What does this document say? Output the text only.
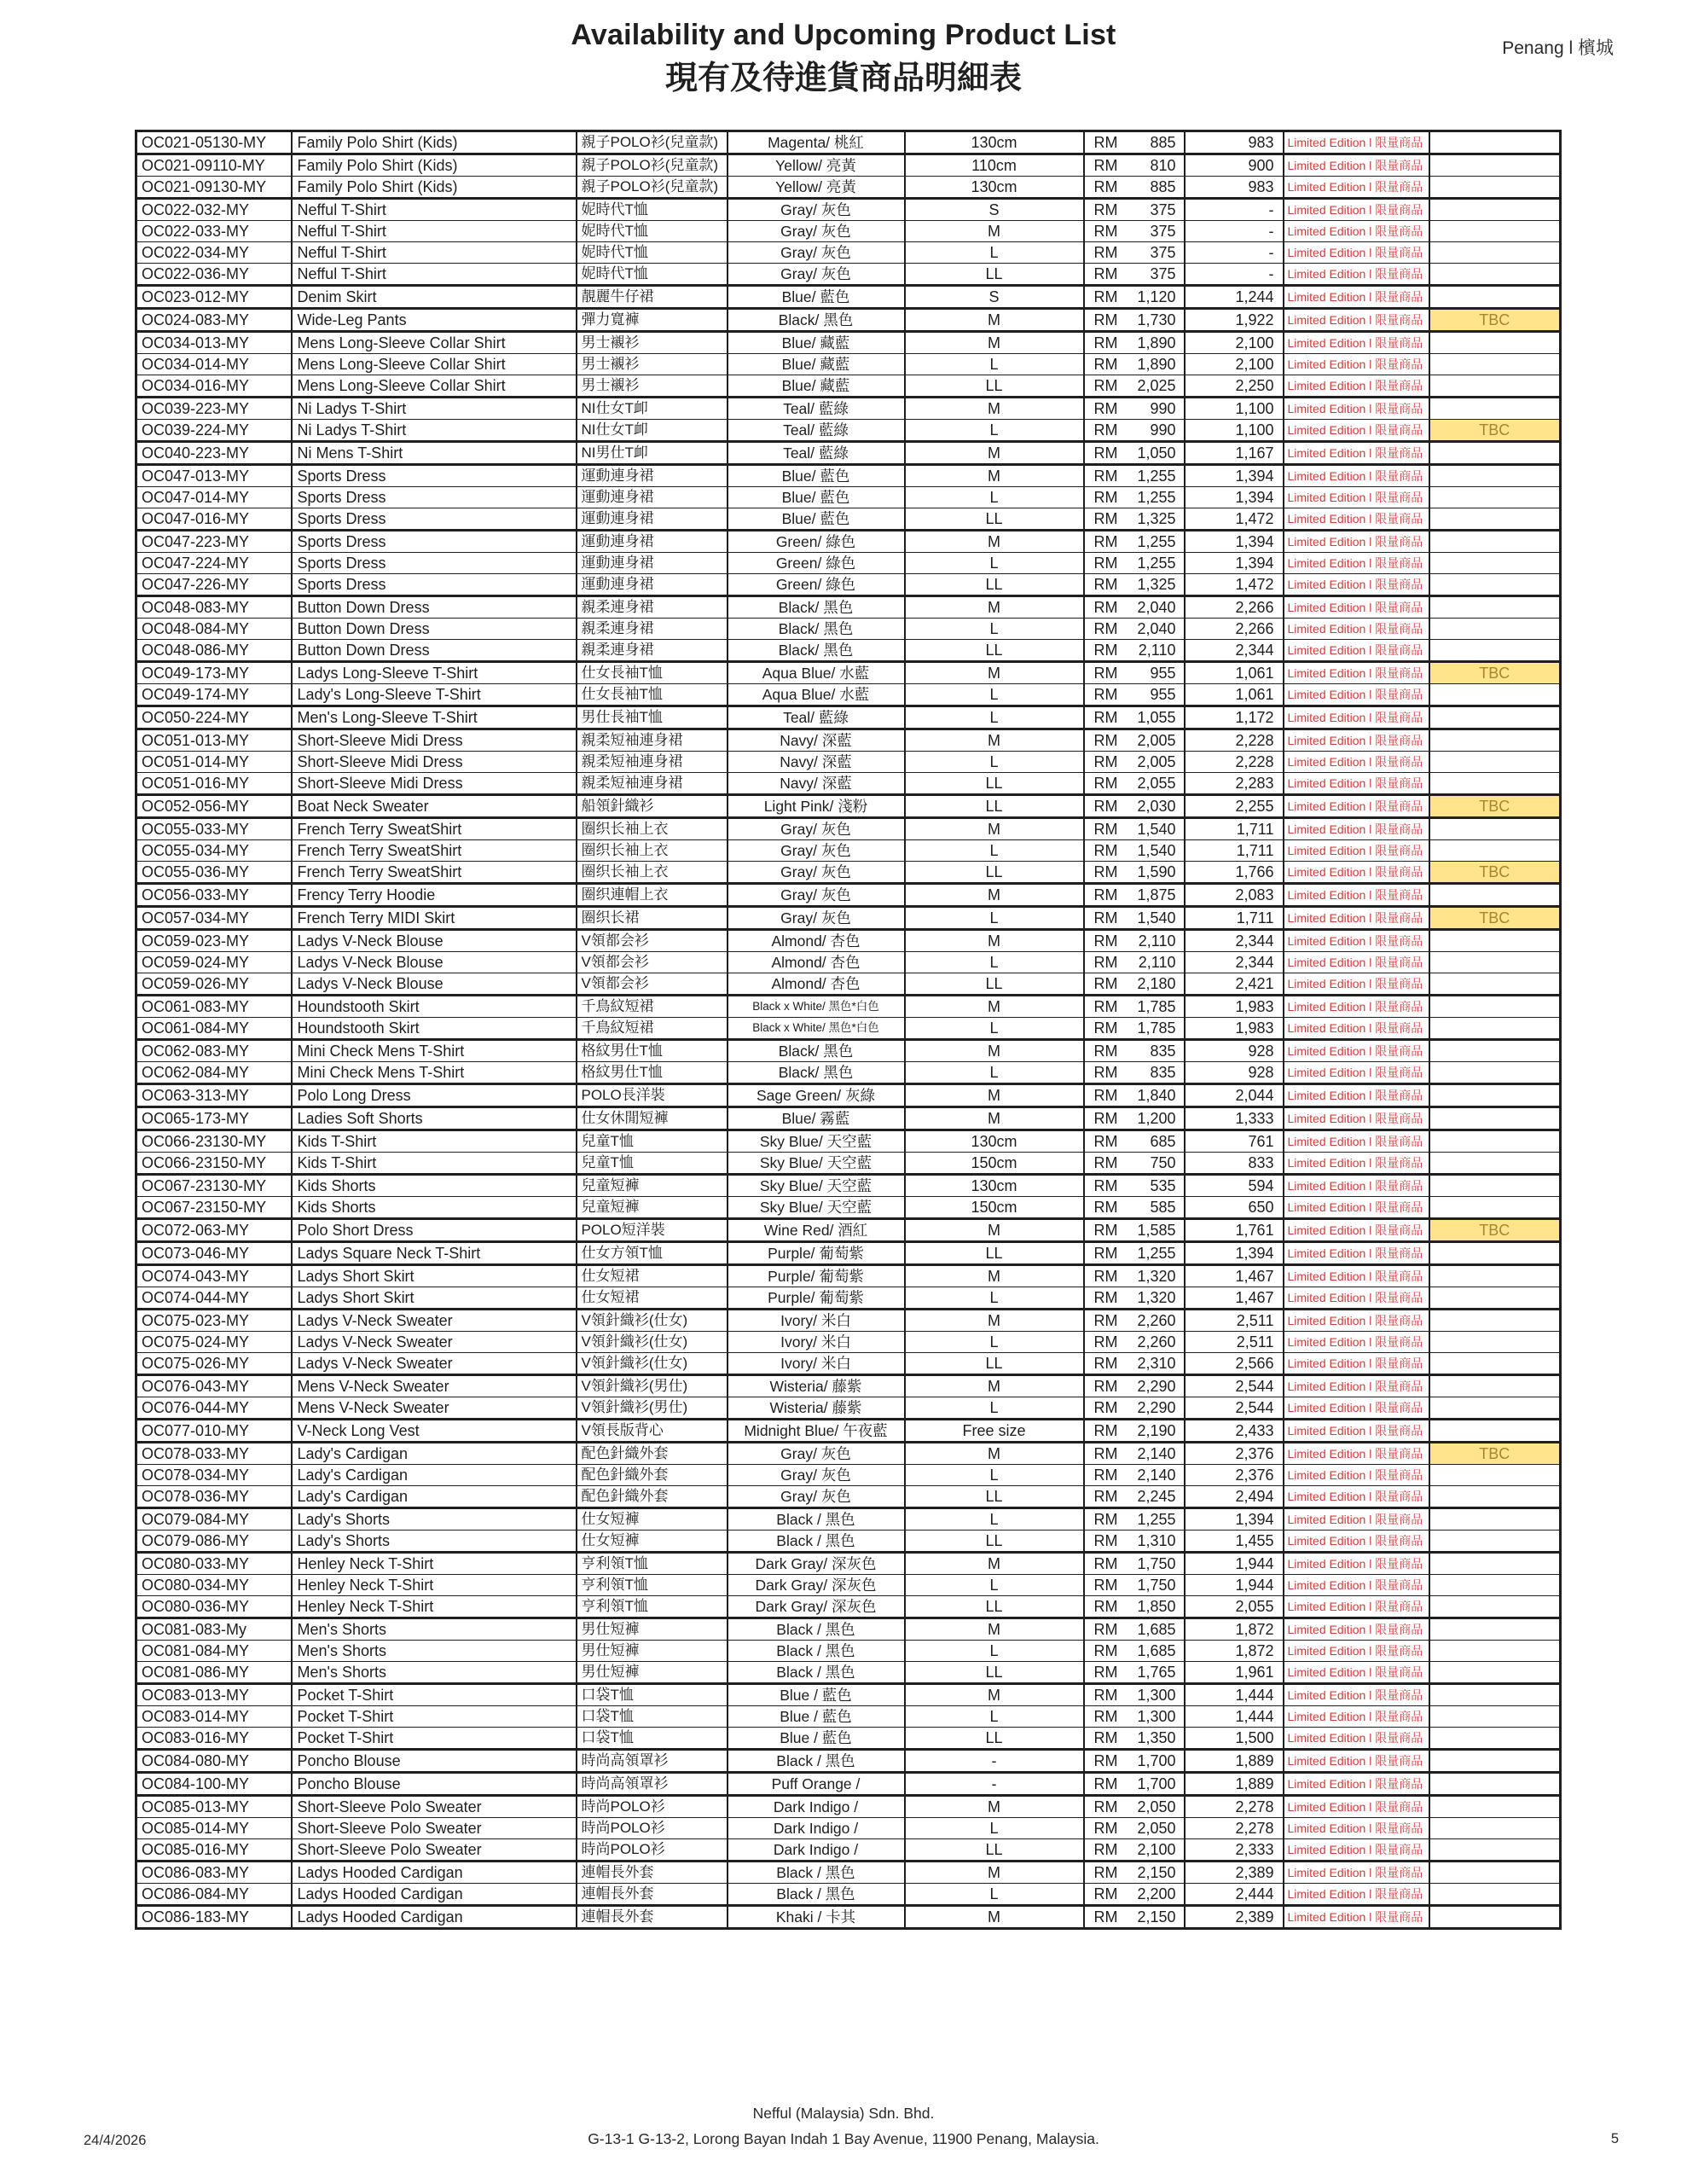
Availability and Upcoming Product List
現有及待進貨商品明細表
Penang l 檳城
OC021-05130-MY	Family Polo Shirt (Kids)	親子POLO衫(兒童款)	Magenta/ 桃紅	130cm	RM 885	983	Limited Edition l 限量商品	
OC021-09110-MY	Family Polo Shirt (Kids)	親子POLO衫(兒童款)	Yellow/ 亮黃	110cm	RM 810	900	Limited Edition l 限量商品	
OC021-09130-MY	Family Polo Shirt (Kids)	親子POLO衫(兒童款)	Yellow/ 亮黃	130cm	RM 885	983	Limited Edition l 限量商品	
OC022-032-MY	Nefful T-Shirt	妮時代T恤	Gray/ 灰色	S	RM 375	-	Limited Edition l 限量商品	
OC022-033-MY	Nefful T-Shirt	妮時代T恤	Gray/ 灰色	M	RM 375	-	Limited Edition l 限量商品	
OC022-034-MY	Nefful T-Shirt	妮時代T恤	Gray/ 灰色	L	RM 375	-	Limited Edition l 限量商品	
OC022-036-MY	Nefful T-Shirt	妮時代T恤	Gray/ 灰色	LL	RM 375	-	Limited Edition l 限量商品	
OC023-012-MY	Denim Skirt	靚麗牛仔裙	Blue/ 藍色	S	RM 1,120	1,244	Limited Edition l 限量商品	
OC024-083-MY	Wide-Leg Pants	彈力寬褲	Black/ 黑色	M	RM 1,730	1,922	Limited Edition l 限量商品	TBC
OC034-013-MY	Mens Long-Sleeve Collar Shirt	男士襯衫	Blue/ 藏藍	M	RM 1,890	2,100	Limited Edition l 限量商品	
OC034-014-MY	Mens Long-Sleeve Collar Shirt	男士襯衫	Blue/ 藏藍	L	RM 1,890	2,100	Limited Edition l 限量商品	
OC034-016-MY	Mens Long-Sleeve Collar Shirt	男士襯衫	Blue/ 藏藍	LL	RM 2,025	2,250	Limited Edition l 限量商品	
OC039-223-MY	Ni Ladys T-Shirt	NI仕女T卹	Teal/ 藍綠	M	RM 990	1,100	Limited Edition l 限量商品	
OC039-224-MY	Ni Ladys T-Shirt	NI仕女T卹	Teal/ 藍綠	L	RM 990	1,100	Limited Edition l 限量商品	TBC
OC040-223-MY	Ni Mens T-Shirt	NI男仕T卹	Teal/ 藍綠	M	RM 1,050	1,167	Limited Edition l 限量商品	
OC047-013-MY	Sports Dress	運動連身裙	Blue/ 藍色	M	RM 1,255	1,394	Limited Edition l 限量商品	
OC047-014-MY	Sports Dress	運動連身裙	Blue/ 藍色	L	RM 1,255	1,394	Limited Edition l 限量商品	
OC047-016-MY	Sports Dress	運動連身裙	Blue/ 藍色	LL	RM 1,325	1,472	Limited Edition l 限量商品	
OC047-223-MY	Sports Dress	運動連身裙	Green/ 綠色	M	RM 1,255	1,394	Limited Edition l 限量商品	
OC047-224-MY	Sports Dress	運動連身裙	Green/ 綠色	L	RM 1,255	1,394	Limited Edition l 限量商品	
OC047-226-MY	Sports Dress	運動連身裙	Green/ 綠色	LL	RM 1,325	1,472	Limited Edition l 限量商品	
OC048-083-MY	Button Down Dress	親柔連身裙	Black/ 黑色	M	RM 2,040	2,266	Limited Edition l 限量商品	
OC048-084-MY	Button Down Dress	親柔連身裙	Black/ 黑色	L	RM 2,040	2,266	Limited Edition l 限量商品	
OC048-086-MY	Button Down Dress	親柔連身裙	Black/ 黑色	LL	RM 2,110	2,344	Limited Edition l 限量商品	
OC049-173-MY	Ladys Long-Sleeve T-Shirt	仕女長袖T恤	Aqua Blue/ 水藍	M	RM 955	1,061	Limited Edition l 限量商品	TBC
OC049-174-MY	Lady's Long-Sleeve T-Shirt	仕女長袖T恤	Aqua Blue/ 水藍	L	RM 955	1,061	Limited Edition l 限量商品	
OC050-224-MY	Men's Long-Sleeve T-Shirt	男仕長袖T恤	Teal/ 藍綠	L	RM 1,055	1,172	Limited Edition l 限量商品	
OC051-013-MY	Short-Sleeve Midi Dress	親柔短袖連身裙	Navy/ 深藍	M	RM 2,005	2,228	Limited Edition l 限量商品	
OC051-014-MY	Short-Sleeve Midi Dress	親柔短袖連身裙	Navy/ 深藍	L	RM 2,005	2,228	Limited Edition l 限量商品	
OC051-016-MY	Short-Sleeve Midi Dress	親柔短袖連身裙	Navy/ 深藍	LL	RM 2,055	2,283	Limited Edition l 限量商品	
OC052-056-MY	Boat Neck Sweater	船領針織衫	Light Pink/ 淺粉	LL	RM 2,030	2,255	Limited Edition l 限量商品	TBC
OC055-033-MY	French Terry SweatShirt	圈织长袖上衣	Gray/ 灰色	M	RM 1,540	1,711	Limited Edition l 限量商品	
OC055-034-MY	French Terry SweatShirt	圈织长袖上衣	Gray/ 灰色	L	RM 1,540	1,711	Limited Edition l 限量商品	
OC055-036-MY	French Terry SweatShirt	圈织长袖上衣	Gray/ 灰色	LL	RM 1,590	1,766	Limited Edition l 限量商品	TBC
OC056-033-MY	Frency Terry Hoodie	圈织連帽上衣	Gray/ 灰色	M	RM 1,875	2,083	Limited Edition l 限量商品	
OC057-034-MY	French Terry MIDI Skirt	圈织长裙	Gray/ 灰色	L	RM 1,540	1,711	Limited Edition l 限量商品	TBC
OC059-023-MY	Ladys V-Neck Blouse	V領都会衫	Almond/ 杏色	M	RM 2,110	2,344	Limited Edition l 限量商品	
OC059-024-MY	Ladys V-Neck Blouse	V領都会衫	Almond/ 杏色	L	RM 2,110	2,344	Limited Edition l 限量商品	
OC059-026-MY	Ladys V-Neck Blouse	V領都会衫	Almond/ 杏色	LL	RM 2,180	2,421	Limited Edition l 限量商品	
OC061-083-MY	Houndstooth Skirt	千鳥紋短裙	Black x White/ 黑色*白色	M	RM 1,785	1,983	Limited Edition l 限量商品	
OC061-084-MY	Houndstooth Skirt	千鳥紋短裙	Black x White/ 黑色*白色	L	RM 1,785	1,983	Limited Edition l 限量商品	
OC062-083-MY	Mini Check Mens T-Shirt	格紋男仕T恤	Black/ 黑色	M	RM 835	928	Limited Edition l 限量商品	
OC062-084-MY	Mini Check Mens T-Shirt	格紋男仕T恤	Black/ 黑色	L	RM 835	928	Limited Edition l 限量商品	
OC063-313-MY	Polo Long Dress	POLO長洋裝	Sage Green/ 灰綠	M	RM 1,840	2,044	Limited Edition l 限量商品	
OC065-173-MY	Ladies Soft Shorts	仕女休閒短褲	Blue/ 霧藍	M	RM 1,200	1,333	Limited Edition l 限量商品	
OC066-23130-MY	Kids T-Shirt	兒童T恤	Sky Blue/ 天空藍	130cm	RM 685	761	Limited Edition l 限量商品	
OC066-23150-MY	Kids T-Shirt	兒童T恤	Sky Blue/ 天空藍	150cm	RM 750	833	Limited Edition l 限量商品	
OC067-23130-MY	Kids Shorts	兒童短褲	Sky Blue/ 天空藍	130cm	RM 535	594	Limited Edition l 限量商品	
OC067-23150-MY	Kids Shorts	兒童短褲	Sky Blue/ 天空藍	150cm	RM 585	650	Limited Edition l 限量商品	
OC072-063-MY	Polo Short Dress	POLO短洋裝	Wine Red/ 酒紅	M	RM 1,585	1,761	Limited Edition l 限量商品	TBC
OC073-046-MY	Ladys Square Neck T-Shirt	仕女方領T恤	Purple/ 葡萄紫	LL	RM 1,255	1,394	Limited Edition l 限量商品	
OC074-043-MY	Ladys Short Skirt	仕女短裙	Purple/ 葡萄紫	M	RM 1,320	1,467	Limited Edition l 限量商品	
OC074-044-MY	Ladys Short Skirt	仕女短裙	Purple/ 葡萄紫	L	RM 1,320	1,467	Limited Edition l 限量商品	
OC075-023-MY	Ladys V-Neck Sweater	V領針織衫(仕女)	Ivory/ 米白	M	RM 2,260	2,511	Limited Edition l 限量商品	
OC075-024-MY	Ladys V-Neck Sweater	V領針織衫(仕女)	Ivory/ 米白	L	RM 2,260	2,511	Limited Edition l 限量商品	
OC075-026-MY	Ladys V-Neck Sweater	V領針織衫(仕女)	Ivory/ 米白	LL	RM 2,310	2,566	Limited Edition l 限量商品	
OC076-043-MY	Mens V-Neck Sweater	V領針織衫(男仕)	Wisteria/ 藤紫	M	RM 2,290	2,544	Limited Edition l 限量商品	
OC076-044-MY	Mens V-Neck Sweater	V領針織衫(男仕)	Wisteria/ 藤紫	L	RM 2,290	2,544	Limited Edition l 限量商品	
OC077-010-MY	V-Neck Long Vest	V領長版背心	Midnight Blue/ 午夜藍	Free size	RM 2,190	2,433	Limited Edition l 限量商品	
OC078-033-MY	Lady's Cardigan	配色針織外套	Gray/ 灰色	M	RM 2,140	2,376	Limited Edition l 限量商品	TBC
OC078-034-MY	Lady's Cardigan	配色針織外套	Gray/ 灰色	L	RM 2,140	2,376	Limited Edition l 限量商品	
OC078-036-MY	Lady's Cardigan	配色針織外套	Gray/ 灰色	LL	RM 2,245	2,494	Limited Edition l 限量商品	
OC079-084-MY	Lady's Shorts	仕女短褲	Black / 黑色	L	RM 1,255	1,394	Limited Edition l 限量商品	
OC079-086-MY	Lady's Shorts	仕女短褲	Black / 黑色	LL	RM 1,310	1,455	Limited Edition l 限量商品	
OC080-033-MY	Henley Neck T-Shirt	亨利領T恤	Dark Gray/ 深灰色	M	RM 1,750	1,944	Limited Edition l 限量商品	
OC080-034-MY	Henley Neck T-Shirt	亨利領T恤	Dark Gray/ 深灰色	L	RM 1,750	1,944	Limited Edition l 限量商品	
OC080-036-MY	Henley Neck T-Shirt	亨利領T恤	Dark Gray/ 深灰色	LL	RM 1,850	2,055	Limited Edition l 限量商品	
OC081-083-My	Men's Shorts	男仕短褲	Black / 黑色	M	RM 1,685	1,872	Limited Edition l 限量商品	
OC081-084-MY	Men's Shorts	男仕短褲	Black / 黑色	L	RM 1,685	1,872	Limited Edition l 限量商品	
OC081-086-MY	Men's Shorts	男仕短褲	Black / 黑色	LL	RM 1,765	1,961	Limited Edition l 限量商品	
OC083-013-MY	Pocket T-Shirt	口袋T恤	Blue / 藍色	M	RM 1,300	1,444	Limited Edition l 限量商品	
OC083-014-MY	Pocket T-Shirt	口袋T恤	Blue / 藍色	L	RM 1,300	1,444	Limited Edition l 限量商品	
OC083-016-MY	Pocket T-Shirt	口袋T恤	Blue / 藍色	LL	RM 1,350	1,500	Limited Edition l 限量商品	
OC084-080-MY	Poncho Blouse	時尚高領罩衫	Black / 黑色	-	RM 1,700	1,889	Limited Edition l 限量商品	
OC084-100-MY	Poncho Blouse	時尚高領罩衫	Puff Orange /	-	RM 1,700	1,889	Limited Edition l 限量商品	
OC085-013-MY	Short-Sleeve Polo Sweater	時尚POLO衫	Dark Indigo /	M	RM 2,050	2,278	Limited Edition l 限量商品	
OC085-014-MY	Short-Sleeve Polo Sweater	時尚POLO衫	Dark Indigo /	L	RM 2,050	2,278	Limited Edition l 限量商品	
OC085-016-MY	Short-Sleeve Polo Sweater	時尚POLO衫	Dark Indigo /	LL	RM 2,100	2,333	Limited Edition l 限量商品	
OC086-083-MY	Ladys Hooded Cardigan	連帽長外套	Black / 黑色	M	RM 2,150	2,389	Limited Edition l 限量商品	
OC086-084-MY	Ladys Hooded Cardigan	連帽長外套	Black / 黑色	L	RM 2,200	2,444	Limited Edition l 限量商品	
OC086-183-MY	Ladys Hooded Cardigan	連帽長外套	Khaki / 卡其	M	RM 2,150	2,389	Limited Edition l 限量商品	
Nefful (Malaysia) Sdn. Bhd.
G-13-1 G-13-2, Lorong Bayan Indah 1 Bay Avenue, 11900 Penang, Malaysia.
24/4/2026	5
